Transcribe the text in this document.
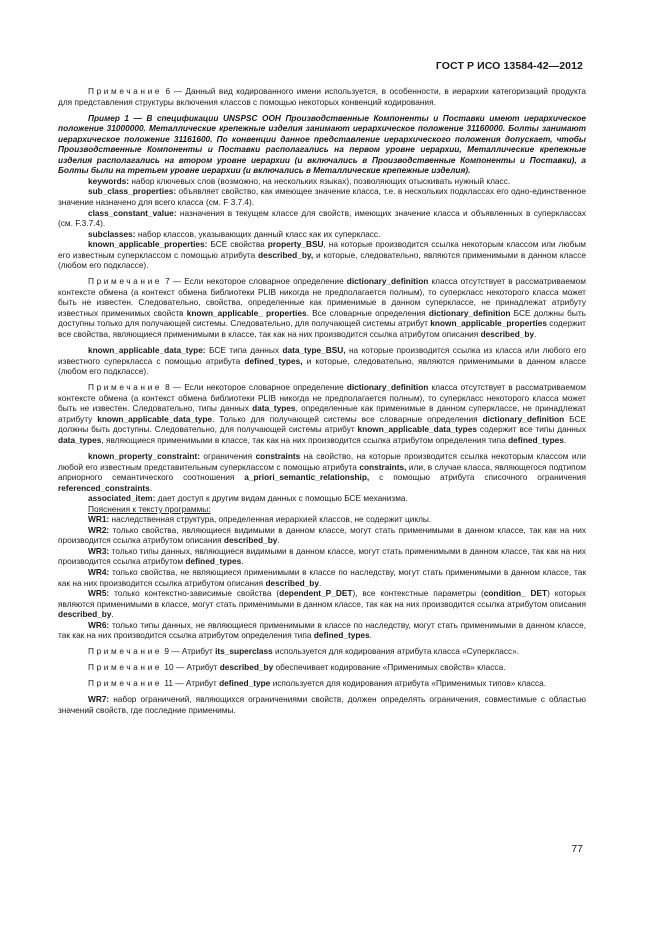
ГОСТ Р ИСО 13584-42—2012

Примечание 6 — Данный вид кодированного имени используется, в особенности, в иерархии категоризаций продукта для представления структуры включения классов с помощью некоторых конвенций кодирования.

Пример 1 — В спецификации UNSPSC ООН Производственные Компоненты и Поставки имеют иерархическое положение 31000000. Металлические крепежные изделия занимают иерархическое положение 31160000. Болты занимают иерархическое положение 31161600. По конвенции данное представление иерархического положения допускает, чтобы Производственные Компоненты и Поставки располагались на первом уровне иерархии, Металлические крепежные изделия располагались на втором уровне иерархии (и включались в Производственные Компоненты и Поставки), а Болты были на третьем уровне иерархии (и включались в Металлические крепежные изделия).

keywords: набор ключевых слов (возможно, на нескольких языках), позволяющих отыскивать нужный класс.

sub_class_properties: объявляет свойство, как имеющее значение класса, т.е. в нескольких подклассах его одно-единственное значение назначено для всего класса (см. F 3.7.4).

class_constant_value: назначения в текущем классе для свойств, имеющих значение класса и объявленных в суперклассах (см. F.3.7.4).

subclasses: набор классов, указывающих данный класс как их суперкласс.

known_applicable_properties: БСЕ свойства property_BSU, на которые производится ссылка некоторым классом или любым его известным суперклассом с помощью атрибута described_by, и которые, следовательно, являются применимыми в данном классе (любом его подклассе).

Примечание 7 — Если некоторое словарное определение dictionary_definition класса отсутствует в рассматриваемом контексте обмена (а контекст обмена библиотеки PLIB никогда не предполагается полным), то суперкласс некоторого класса может быть не известен. Следовательно, свойства, определенные как применимые в данном суперклассе, не принадлежат атрибуту известных применимых свойств known_applicable_ properties. Все словарные определения dictionary_definition БСЕ должны быть доступны только для получающей системы. Следовательно, для получающей системы атрибут known_applicable_properties содержит все свойства, являющиеся применимыми в классе, так как на них производится ссылка атрибутом описания described_by.

known_applicable_data_type: БСЕ типа данных data_type_BSU, на которые производится ссылка из класса или любого его известного суперкласса с помощью атрибута defined_types, и которые, следовательно, являются применимыми в данном классе (любом его подклассе).

Примечание 8 — Если некоторое словарное определение dictionary_definition класса отсутствует в рассматриваемом контексте обмена (а контекст обмена библиотеки PLIB никогда не предполагается полным), то суперкласс некоторого класса может быть не известен. Следовательно, типы данных data_types, определенные как применимые в данном суперклассе, не принадлежат атрибуту known_applicable_data_type. Только для получающей системы все словарные определения dictionary_definition БСЕ должны быть доступны. Следовательно, для получающей системы атрибут known_applicable_data_types содержит все типы данных data_types, являющиеся применимыми в классе, так как на них производится ссылка атрибутом определения типа defined_types.

known_property_constraint: ограничения constraints на свойство, на которые производится ссылка некоторым классом или любой его известным представительным суперклассом с помощью атрибута constraints, или, в случае класса, являющегося подтипом априорного семантического соотношения a_priori_semantic_relationship, с помощью атрибута списочного ограничения referenced_constraints.

associated_item: дает доступ к другим видам данных с помощью БСЕ механизма.

Пояснения к тексту программы:

WR1: наследственная структура, определенная иерархией классов, не содержит циклы.

WR2: только свойства, являющиеся видимыми в данном классе, могут стать применимыми в данном классе, так как на них производится ссылка атрибутом описания described_by.

WR3: только типы данных, являющиеся видимыми в данном классе, могут стать применимыми в данном классе, так как на них производится ссылка атрибутом defined_types.

WR4: только свойства, не являющиеся применимыми в классе по наследству, могут стать применимыми в данном классе, так как на них производится ссылка атрибутом описания described_by.

WR5: только контекстно-зависимые свойства (dependent_P_DET), все контекстные параметры (condition_ DET) которых являются применимыми в классе, могут стать применимыми в данном классе, так как на них производится ссылка атрибутом описания described_by.

WR6: только типы данных, не являющиеся применимыми в классе по наследству, могут стать применимыми в данном классе, так как на них производится ссылка атрибутом определения типа defined_types.

Примечание 9 — Атрибут its_superclass используется для кодирования атрибута класса «Суперкласс».

Примечание 10 — Атрибут described_by обеспечивает кодирование «Применимых свойств» класса.

Примечание 11 — Атрибут defined_type используется для кодирования атрибута «Применимых типов» класса.

WR7: набор ограничений, являющихся ограничениями свойств, должен определять ограничения, совместимые с областью значений свойств, где последние применимы.

77
